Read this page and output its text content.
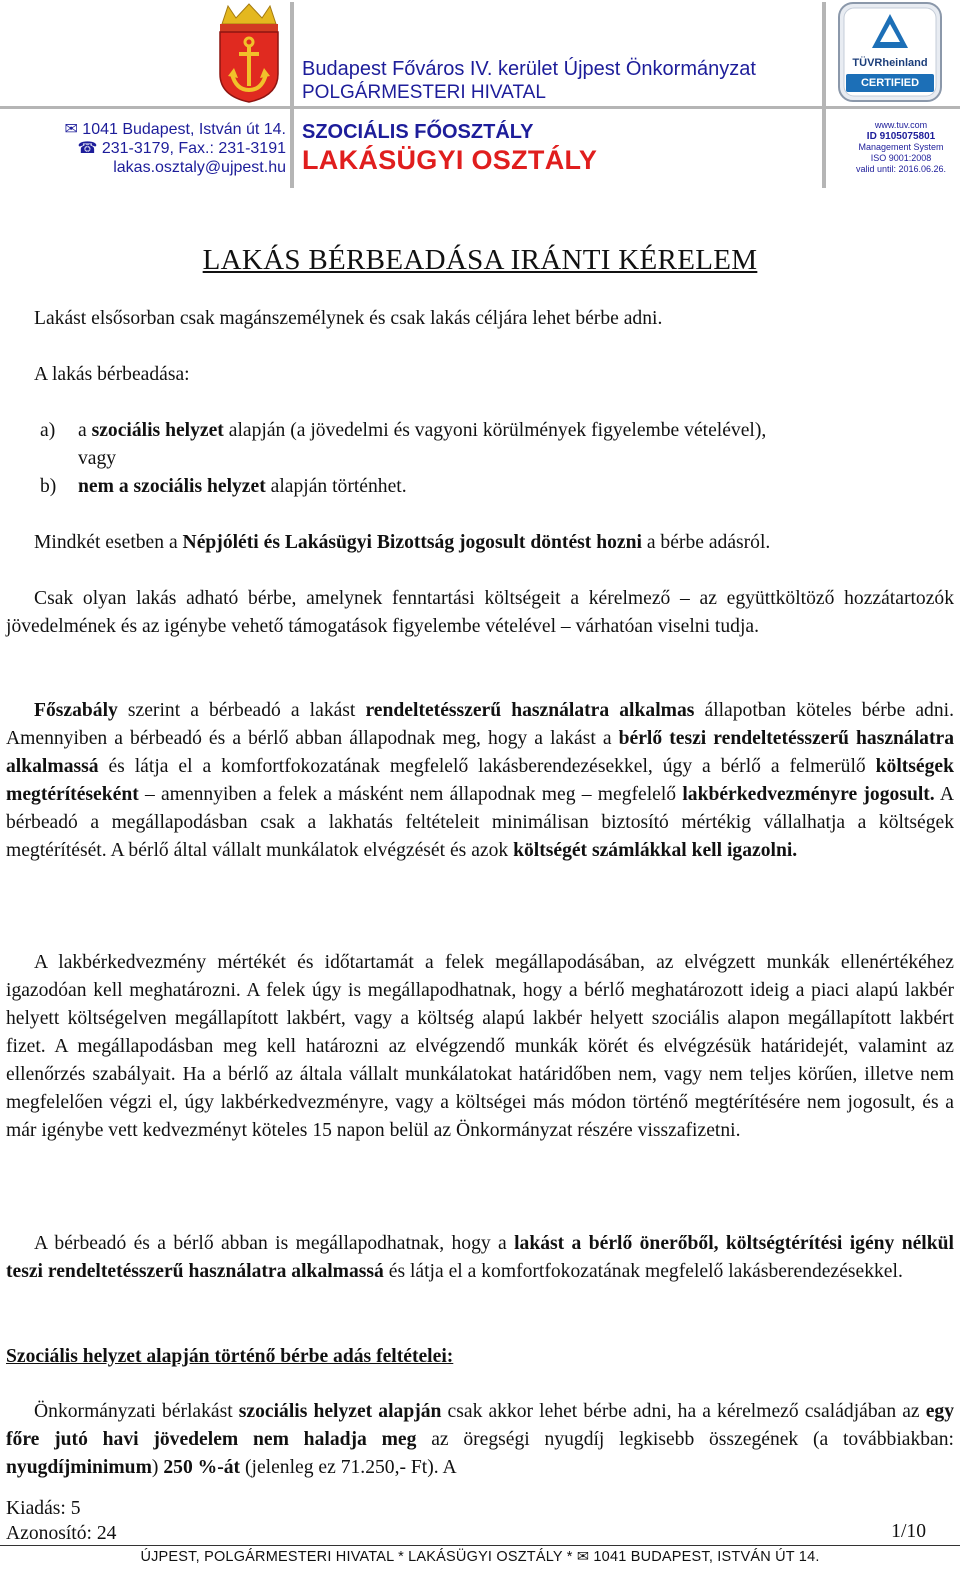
✉ 1041 Budapest, István út 14.
☎ 231-3179, Fax.: 231-3191
lakas.osztaly@ujpest.hu
Budapest Főváros IV. kerület Újpest Önkormányzat
POLGÁRMESTERI HIVATAL
SZOCIÁLIS FŐOSZTÁLY
LAKÁSÜGYI OSZTÁLY
TÜVRheinland
CERTIFIED
www.tuv.com
ID 9105075801
Management System
ISO 9001:2008
valid until: 2016.06.26.
LAKÁS BÉRBEADÁSA IRÁNTI KÉRELEM
Lakást elsősorban csak magánszemélynek és csak lakás céljára lehet bérbe adni.
A lakás bérbeadása:
a) a szociális helyzet alapján (a jövedelmi és vagyoni körülmények figyelembe vételével),
vagy
b) nem a szociális helyzet alapján történhet.
Mindkét esetben a Népjóléti és Lakásügyi Bizottság jogosult döntést hozni a bérbe adásról.
Csak olyan lakás adható bérbe, amelynek fenntartási költségeit a kérelmező – az együttköltöző hozzátartozók jövedelmének és az igénybe vehető támogatások figyelembe vételével – várhatóan viselni tudja.
Főszabály szerint a bérbeadó a lakást rendeltetésszerű használatra alkalmas állapotban köteles bérbe adni. Amennyiben a bérbeadó és a bérlő abban állapodnak meg, hogy a lakást a bérlő teszi rendeltetésszerű használatra alkalmassá és látja el a komfortfokozatának megfelelő lakásberendezésekkel, úgy a bérlő a felmerülő költségek megtérítéseként – amennyiben a felek a másként nem állapodnak meg – megfelelő lakbérkedvezményre jogosult. A bérbeadó a megállapodásban csak a lakhatás feltételeit minimálisan biztosító mértékig vállalhatja a költségek megtérítését. A bérlő által vállalt munkálatok elvégzését és azok költségét számlákkal kell igazolni.
A lakbérkedvezmény mértékét és időtartamát a felek megállapodásában, az elvégzett munkák ellenértékéhez igazodóan kell meghatározni. A felek úgy is megállapodhatnak, hogy a bérlő meghatározott ideig a piaci alapú lakbér helyett költségelven megállapított lakbért, vagy a költség alapú lakbér helyett szociális alapon megállapított lakbért fizet. A megállapodásban meg kell határozni az elvégzendő munkák körét és elvégzésük határidejét, valamint az ellenőrzés szabályait. Ha a bérlő az általa vállalt munkálatokat határidőben nem, vagy nem teljes körűen, illetve nem megfelelően végzi el, úgy lakbérkedvezményre, vagy a költségei más módon történő megtérítésére nem jogosult, és a már igénybe vett kedvezményt köteles 15 napon belül az Önkormányzat részére visszafizetni.
A bérbeadó és a bérlő abban is megállapodhatnak, hogy a lakást a bérlő önerőből, költségtérítési igény nélkül teszi rendeltetésszerű használatra alkalmassá és látja el a komfortfokozatának megfelelő lakásberendezésekkel.
Szociális helyzet alapján történő bérbe adás feltételei:
Önkormányzati bérlakást szociális helyzet alapján csak akkor lehet bérbe adni, ha a kérelmező családjában az egy főre jutó havi jövedelem nem haladja meg az öregségi nyugdíj legkisebb összegének (a továbbiakban: nyugdíjminimum) 250 %-át (jelenleg ez 71.250,- Ft). A
Kiadás: 5
Azonosító: 24	1/10
ÚJPEST, POLGÁRMESTERI HIVATAL * LAKÁSÜGYI OSZTÁLY * ✉ 1041 BUDAPEST, ISTVÁN ÚT 14.
